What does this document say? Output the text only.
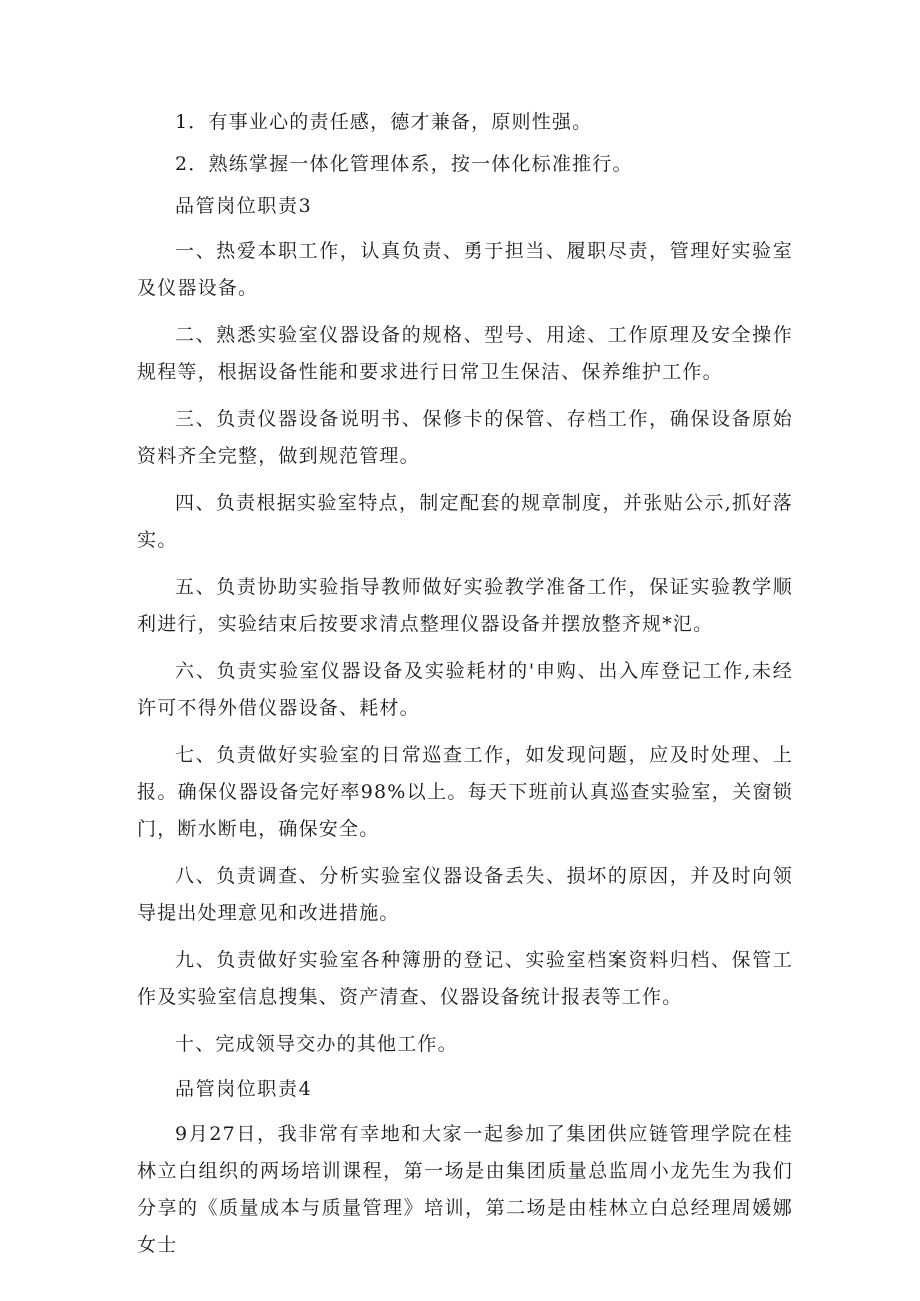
1．有事业心的责任感，德才兼备，原则性强。

2．熟练掌握一体化管理体系，按一体化标准推行。

品管岗位职责3

一、热爱本职工作，认真负责、勇于担当、履职尽责，管理好实验室及仪器设备。

二、熟悉实验室仪器设备的规格、型号、用途、工作原理及安全操作规程等，根据设备性能和要求进行日常卫生保洁、保养维护工作。

三、负责仪器设备说明书、保修卡的保管、存档工作，确保设备原始资料齐全完整，做到规范管理。

四、负责根据实验室特点，制定配套的规章制度，并张贴公示,抓好落实。

五、负责协助实验指导教师做好实验教学准备工作，保证实验教学顺利进行，实验结束后按要求清点整理仪器设备并摆放整齐规*氾。

六、负责实验室仪器设备及实验耗材的'申购、出入库登记工作,未经许可不得外借仪器设备、耗材。

七、负责做好实验室的日常巡查工作，如发现问题，应及时处理、上报。确保仪器设备完好率98%以上。每天下班前认真巡查实验室，关窗锁门，断水断电，确保安全。

八、负责调查、分析实验室仪器设备丢失、损坏的原因，并及时向领导提出处理意见和改进措施。

九、负责做好实验室各种簿册的登记、实验室档案资料归档、保管工作及实验室信息搜集、资产清查、仪器设备统计报表等工作。

十、完成领导交办的其他工作。

品管岗位职责4

9月27日，我非常有幸地和大家一起参加了集团供应链管理学院在桂林立白组织的两场培训课程，第一场是由集团质量总监周小龙先生为我们分享的《质量成本与质量管理》培训，第二场是由桂林立白总经理周媛娜女士
